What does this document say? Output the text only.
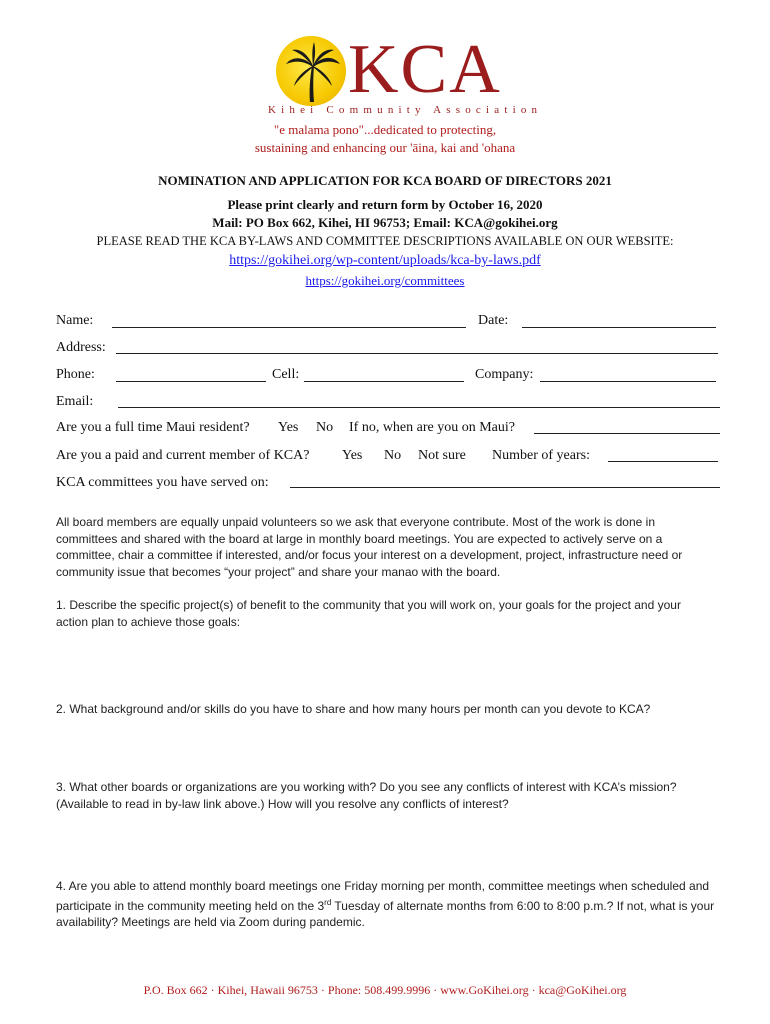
KCA
Kihei Community Association
"e malama pono"...dedicated to protecting,
sustaining and enhancing our 'āina, kai and 'ohana
NOMINATION AND APPLICATION FOR KCA BOARD OF DIRECTORS 2021
Please print clearly and return form by October 16, 2020
Mail: PO Box 662, Kihei, HI 96753; Email: KCA@gokihei.org
PLEASE READ THE KCA BY-LAWS AND COMMITTEE DESCRIPTIONS AVAILABLE ON OUR WEBSITE:
https://gokihei.org/wp-content/uploads/kca-by-laws.pdf
https://gokihei.org/committees
Name:	Date:
Address:
Phone:	Cell:	Company:
Email:
Are you a full time Maui resident? Yes No If no, when are you on Maui?
Are you a paid and current member of KCA? Yes No Not sure Number of years:
KCA committees you have served on:
All board members are equally unpaid volunteers so we ask that everyone contribute. Most of the work is done in committees and shared with the board at large in monthly board meetings. You are expected to actively serve on a committee, chair a committee if interested, and/or focus your interest on a development, project, infrastructure need or community issue that becomes “your project” and share your manao with the board.
1. Describe the specific project(s) of benefit to the community that you will work on, your goals for the project and your action plan to achieve those goals:
2. What background and/or skills do you have to share and how many hours per month can you devote to KCA?
3. What other boards or organizations are you working with? Do you see any conflicts of interest with KCA’s mission? (Available to read in by-law link above.) How will you resolve any conflicts of interest?
4. Are you able to attend monthly board meetings one Friday morning per month, committee meetings when scheduled and participate in the community meeting held on the 3rd Tuesday of alternate months from 6:00 to 8:00 p.m.? If not, what is your availability? Meetings are held via Zoom during pandemic.
P.O. Box 662 · Kihei, Hawaii 96753 · Phone: 508.499.9996 · www.GoKihei.org · kca@GoKihei.org
